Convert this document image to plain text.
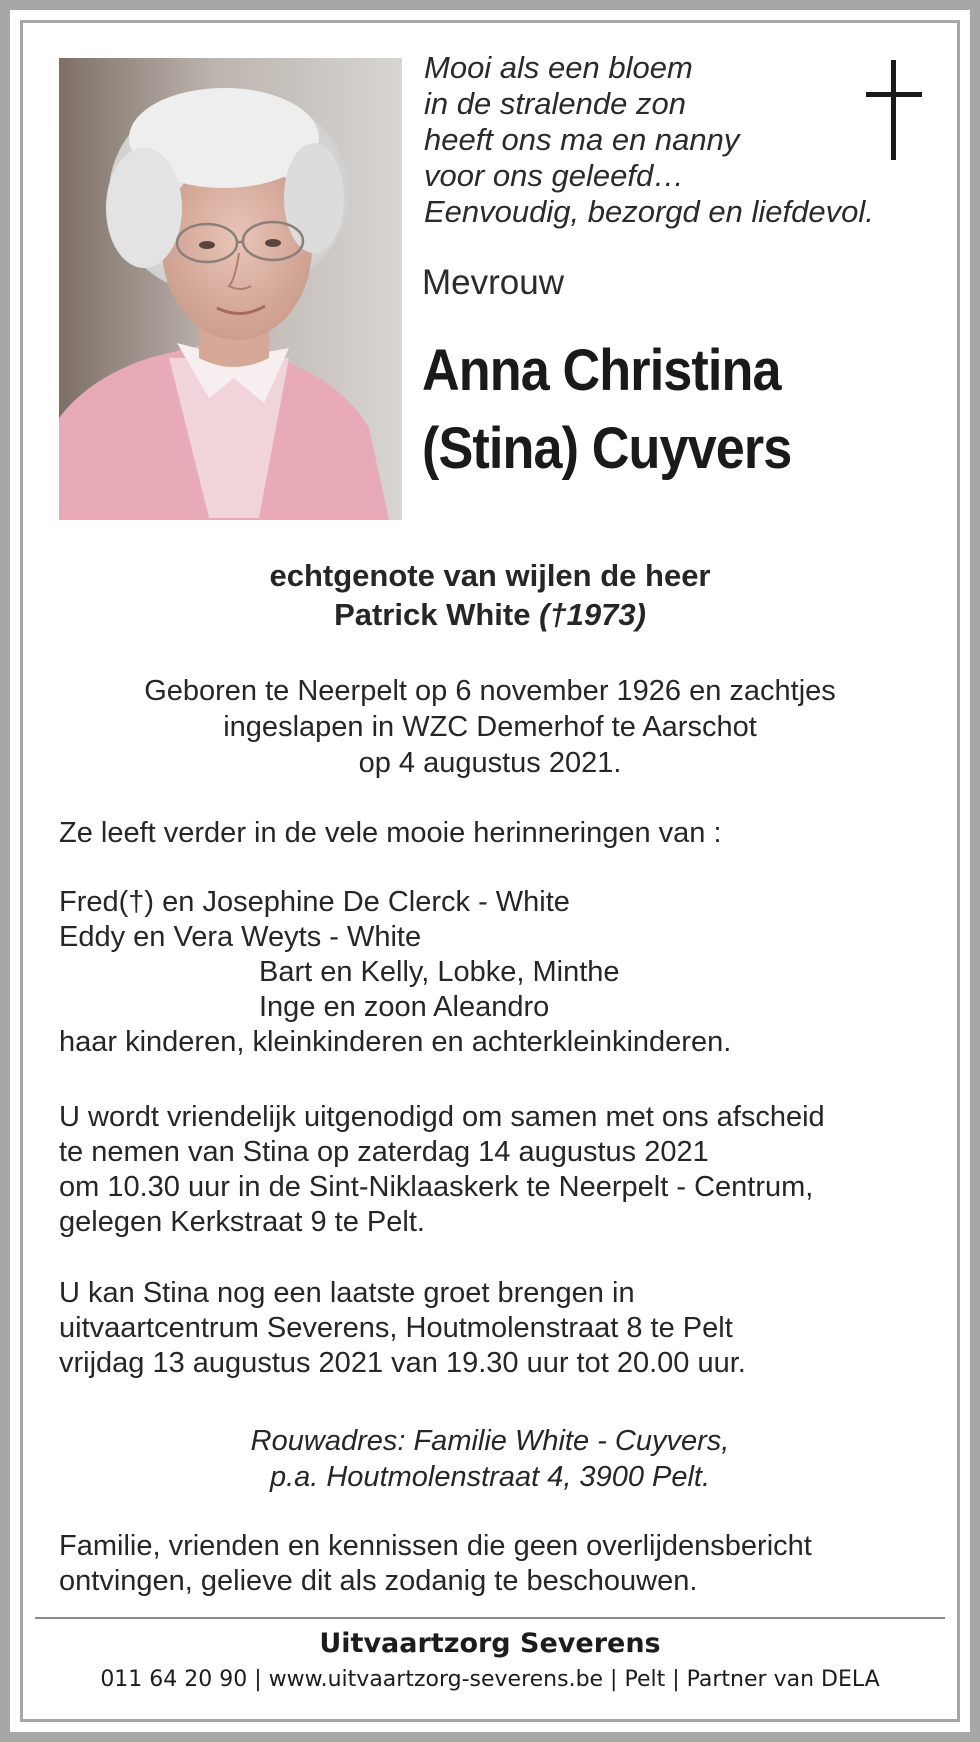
Mooi als een bloem
in de stralende zon
heeft ons ma en nanny
voor ons geleefd…
Eenvoudig, bezorgd en liefdevol.
Mevrouw
Anna Christina
(Stina) Cuyvers
echtgenote van wijlen de heer
Patrick White (†1973)
Geboren te Neerpelt op 6 november 1926 en zachtjes
ingeslapen in WZC Demerhof te Aarschot
op 4 augustus 2021.
Ze leeft verder in de vele mooie herinneringen van :
Fred(†) en Josephine De Clerck - White
Eddy en Vera Weyts - White
Bart en Kelly, Lobke, Minthe
Inge en zoon Aleandro
haar kinderen, kleinkinderen en achterkleinkinderen.
U wordt vriendelijk uitgenodigd om samen met ons afscheid
te nemen van Stina op zaterdag 14 augustus 2021
om 10.30 uur in de Sint-Niklaaskerk te Neerpelt - Centrum,
gelegen Kerkstraat 9 te Pelt.
U kan Stina nog een laatste groet brengen in
uitvaartcentrum Severens, Houtmolenstraat 8 te Pelt
vrijdag 13 augustus 2021 van 19.30 uur tot 20.00 uur.
Rouwadres: Familie White - Cuyvers,
p.a. Houtmolenstraat 4, 3900 Pelt.
Familie, vrienden en kennissen die geen overlijdensbericht
ontvingen, gelieve dit als zodanig te beschouwen.
Uitvaartzorg Severens
011 64 20 90 | www.uitvaartzorg-severens.be | Pelt | Partner van DELA
